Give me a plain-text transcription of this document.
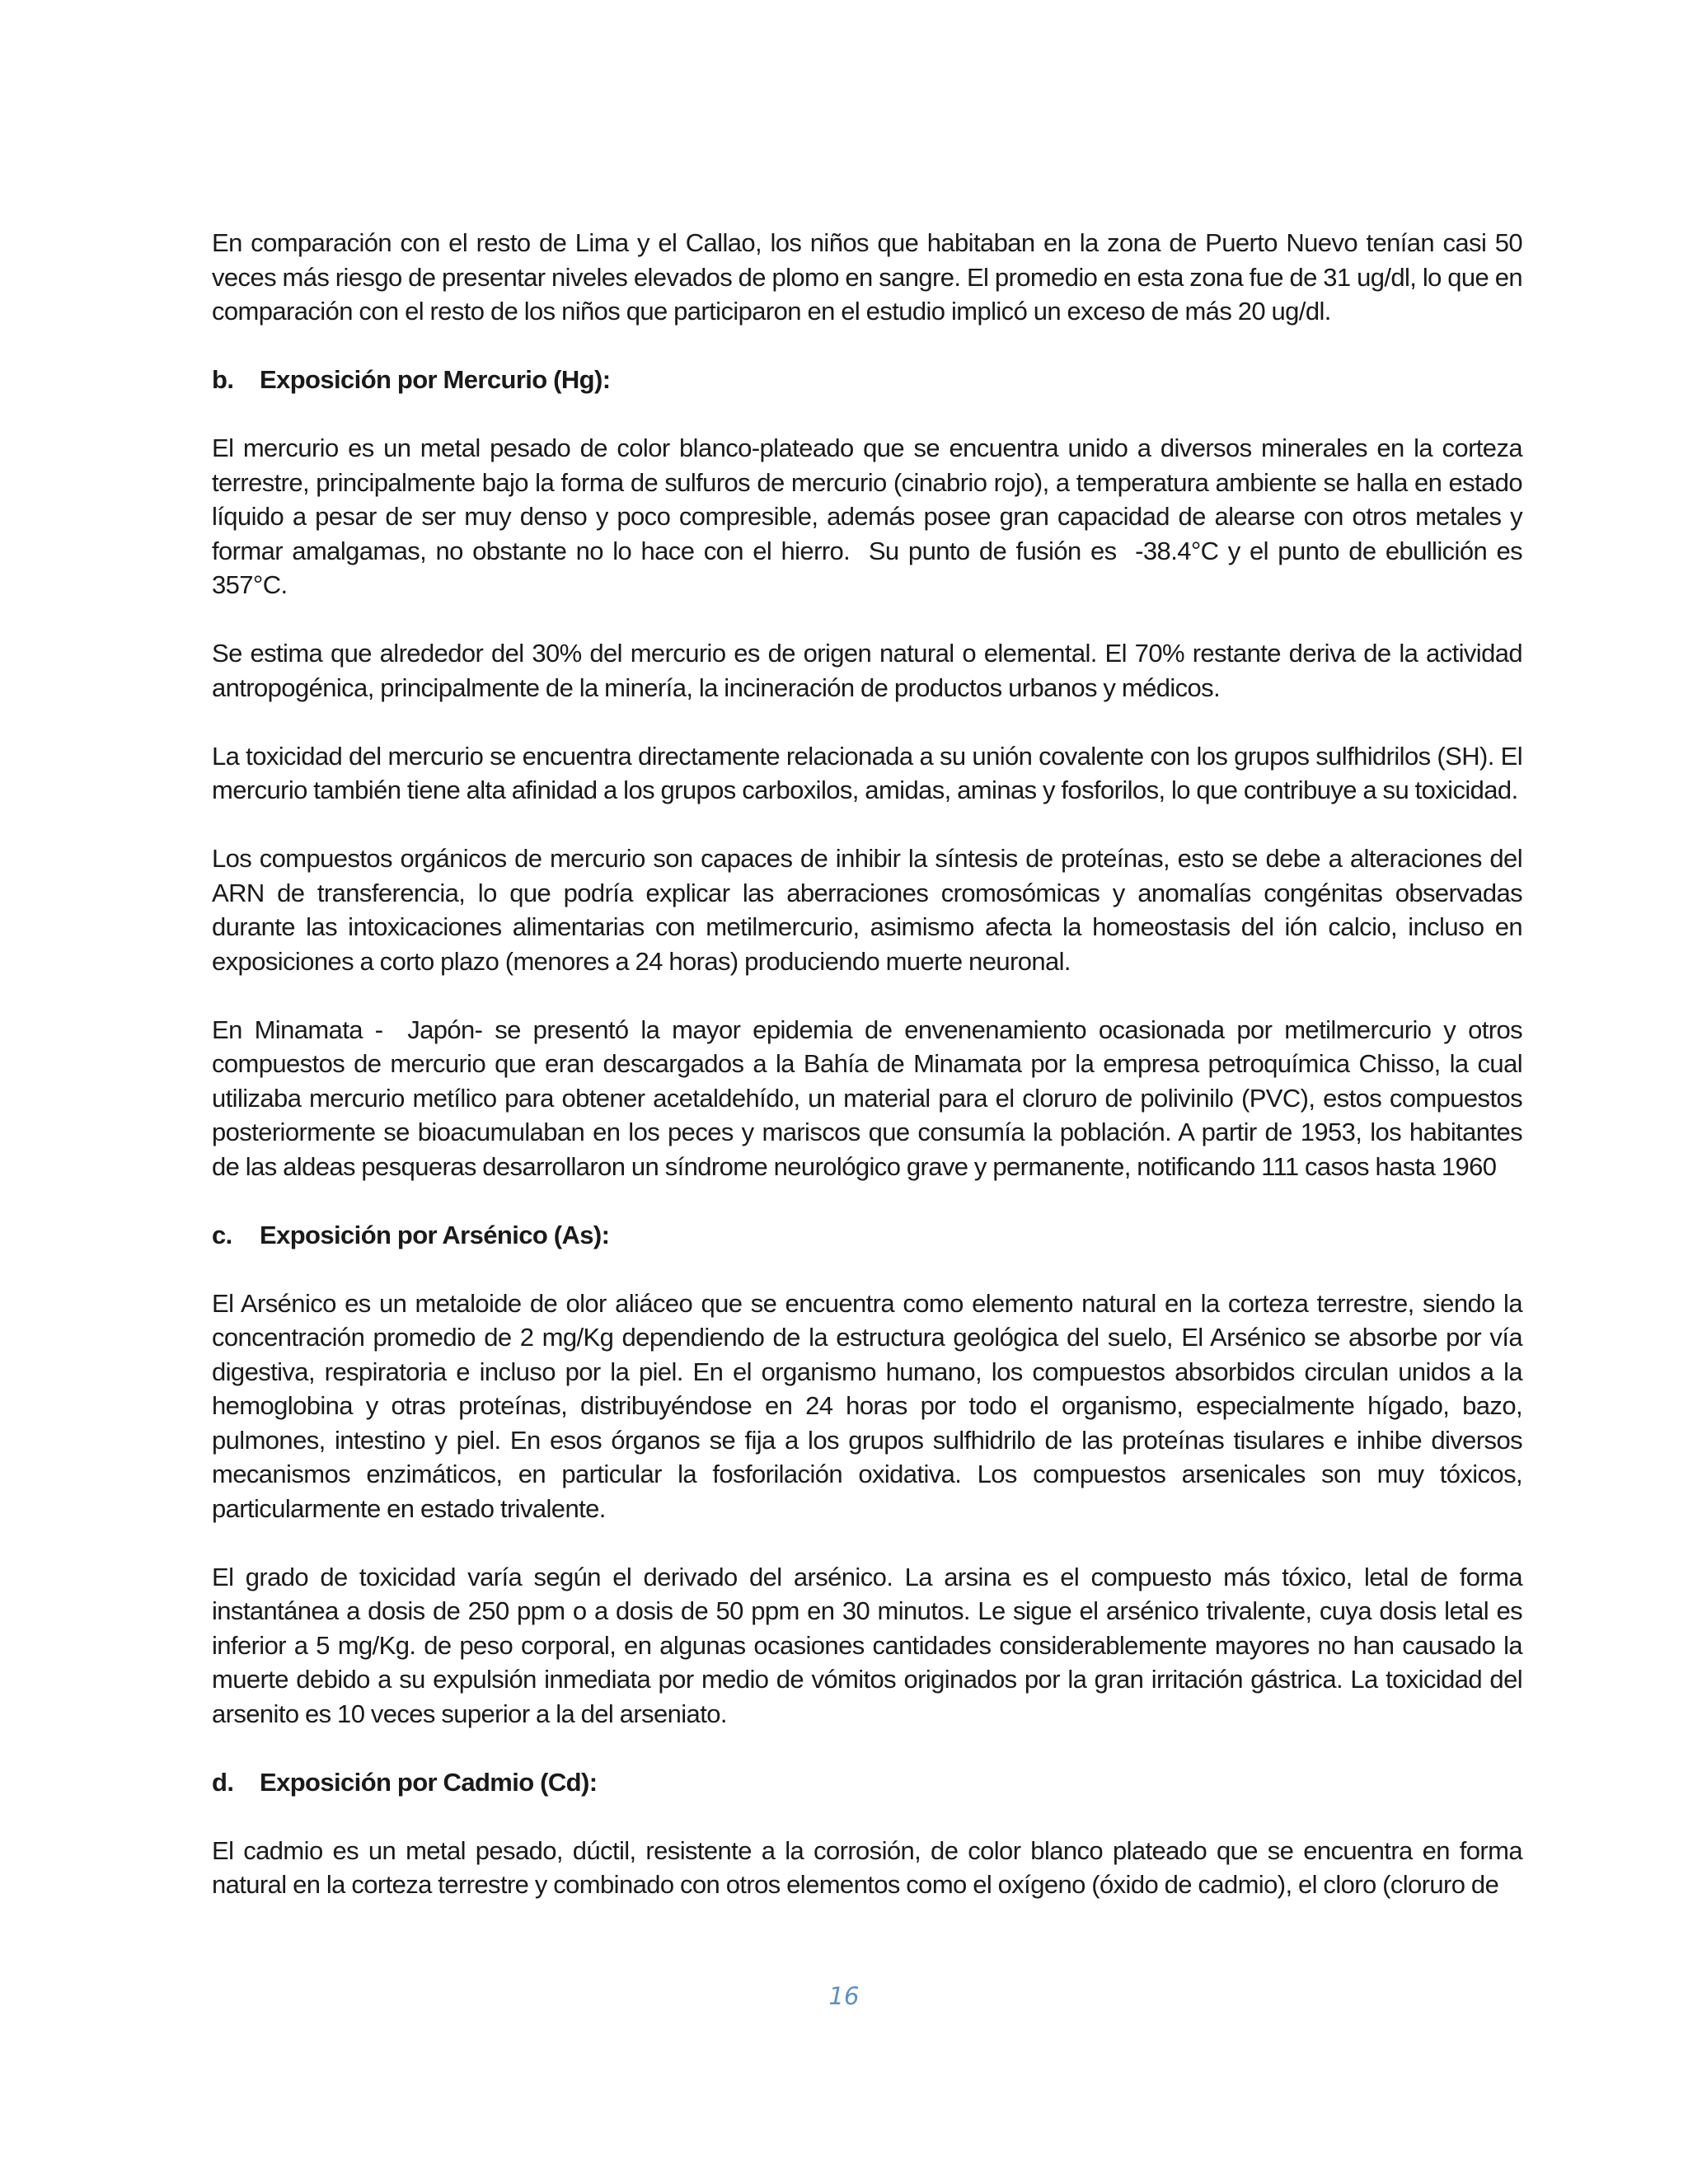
En comparación con el resto de Lima y el Callao, los niños que habitaban en la zona de Puerto Nuevo tenían casi 50 veces más riesgo de presentar niveles elevados de plomo en sangre. El promedio en esta zona fue de 31 ug/dl, lo que en comparación con el resto de los niños que participaron en el estudio implicó un exceso de más 20 ug/dl.

b.	Exposición por Mercurio (Hg):

El mercurio es un metal pesado de color blanco-plateado que se encuentra unido a diversos minerales en la corteza terrestre, principalmente bajo la forma de sulfuros de mercurio (cinabrio rojo), a temperatura ambiente se halla en estado líquido a pesar de ser muy denso y poco compresible, además posee gran capacidad de alearse con otros metales y formar amalgamas, no obstante no lo hace con el hierro.  Su punto de fusión es  -38.4°C y el punto de ebullición es 357°C.

Se estima que alrededor del 30% del mercurio es de origen natural o elemental. El 70% restante deriva de la actividad antropogénica, principalmente de la minería, la incineración de productos urbanos y médicos.

La toxicidad del mercurio se encuentra directamente relacionada a su unión covalente con los grupos sulfhidrilos (SH). El mercurio también tiene alta afinidad a los grupos carboxilos, amidas, aminas y fosforilos, lo que contribuye a su toxicidad.

Los compuestos orgánicos de mercurio son capaces de inhibir la síntesis de proteínas, esto se debe a alteraciones del ARN de transferencia, lo que podría explicar las aberraciones cromosómicas y anomalías congénitas observadas durante las intoxicaciones alimentarias con metilmercurio, asimismo afecta la homeostasis del ión calcio, incluso en exposiciones a corto plazo (menores a 24 horas) produciendo muerte neuronal.

En Minamata -  Japón- se presentó la mayor epidemia de envenenamiento ocasionada por metilmercurio y otros compuestos de mercurio que eran descargados a la Bahía de Minamata por la empresa petroquímica Chisso, la cual utilizaba mercurio metílico para obtener acetaldehído, un material para el cloruro de polivinilo (PVC), estos compuestos posteriormente se bioacumulaban en los peces y mariscos que consumía la población. A partir de 1953, los habitantes de las aldeas pesqueras desarrollaron un síndrome neurológico grave y permanente, notificando 111 casos hasta 1960

c.	Exposición por Arsénico (As):

El Arsénico es un metaloide de olor aliáceo que se encuentra como elemento natural en la corteza terrestre, siendo la concentración promedio de 2 mg/Kg dependiendo de la estructura geológica del suelo, El Arsénico se absorbe por vía digestiva, respiratoria e incluso por la piel. En el organismo humano, los compuestos absorbidos circulan unidos a la hemoglobina y otras proteínas, distribuyéndose en 24 horas por todo el organismo, especialmente hígado, bazo, pulmones, intestino y piel. En esos órganos se fija a los grupos sulfhidrilo de las proteínas tisulares e inhibe diversos mecanismos enzimáticos, en particular la fosforilación oxidativa. Los compuestos arsenicales son muy tóxicos, particularmente en estado trivalente.

El grado de toxicidad varía según el derivado del arsénico. La arsina es el compuesto más tóxico, letal de forma instantánea a dosis de 250 ppm o a dosis de 50 ppm en 30 minutos. Le sigue el arsénico trivalente, cuya dosis letal es inferior a 5 mg/Kg. de peso corporal, en algunas ocasiones cantidades considerablemente mayores no han causado la muerte debido a su expulsión inmediata por medio de vómitos originados por la gran irritación gástrica. La toxicidad del arsenito es 10 veces superior a la del arseniato.

d.	Exposición por Cadmio (Cd):

El cadmio es un metal pesado, dúctil, resistente a la corrosión, de color blanco plateado que se encuentra en forma natural en la corteza terrestre y combinado con otros elementos como el oxígeno (óxido de cadmio), el cloro (cloruro de

16
